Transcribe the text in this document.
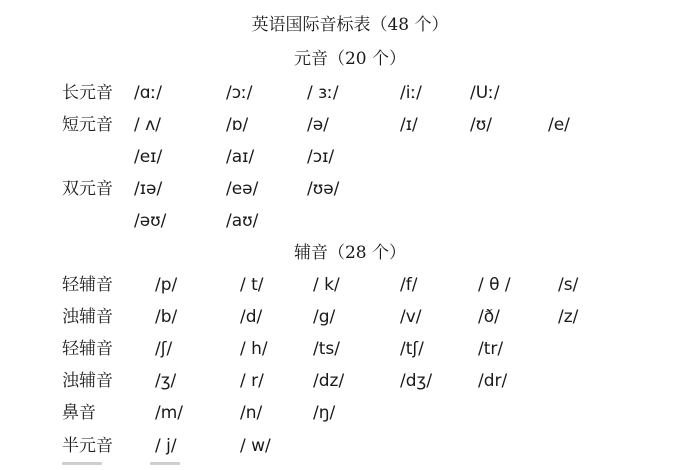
英语国际音标表（48 个）
元音（20 个）
长元音 /ɑː/	/ɔː/	/ ɜː/	/iː/	/Uː/
短元音 / ʌ/	/ɒ/	/ə/	/ɪ/	/ʊ/	/e/
/eɪ/	/aɪ/	/ɔɪ/
双元音 /ɪə/	/eə/	/ʊə/
/əʊ/	/aʊ/
辅音（28 个）
轻辅音 /p/	/ t/	/ k/	/f/	/ θ /	/s/
浊辅音 /b/	/d/	/g/	/v/	/ð/	/z/
轻辅音 /ʃ/	/ h/	/ts/	/tʃ/	/tr/
浊辅音 /ʒ/	/ r/	/dz/	/dʒ/	/dr/
鼻音	/m/	/n/	/ŋ/
半元音 / j/	/ w/
